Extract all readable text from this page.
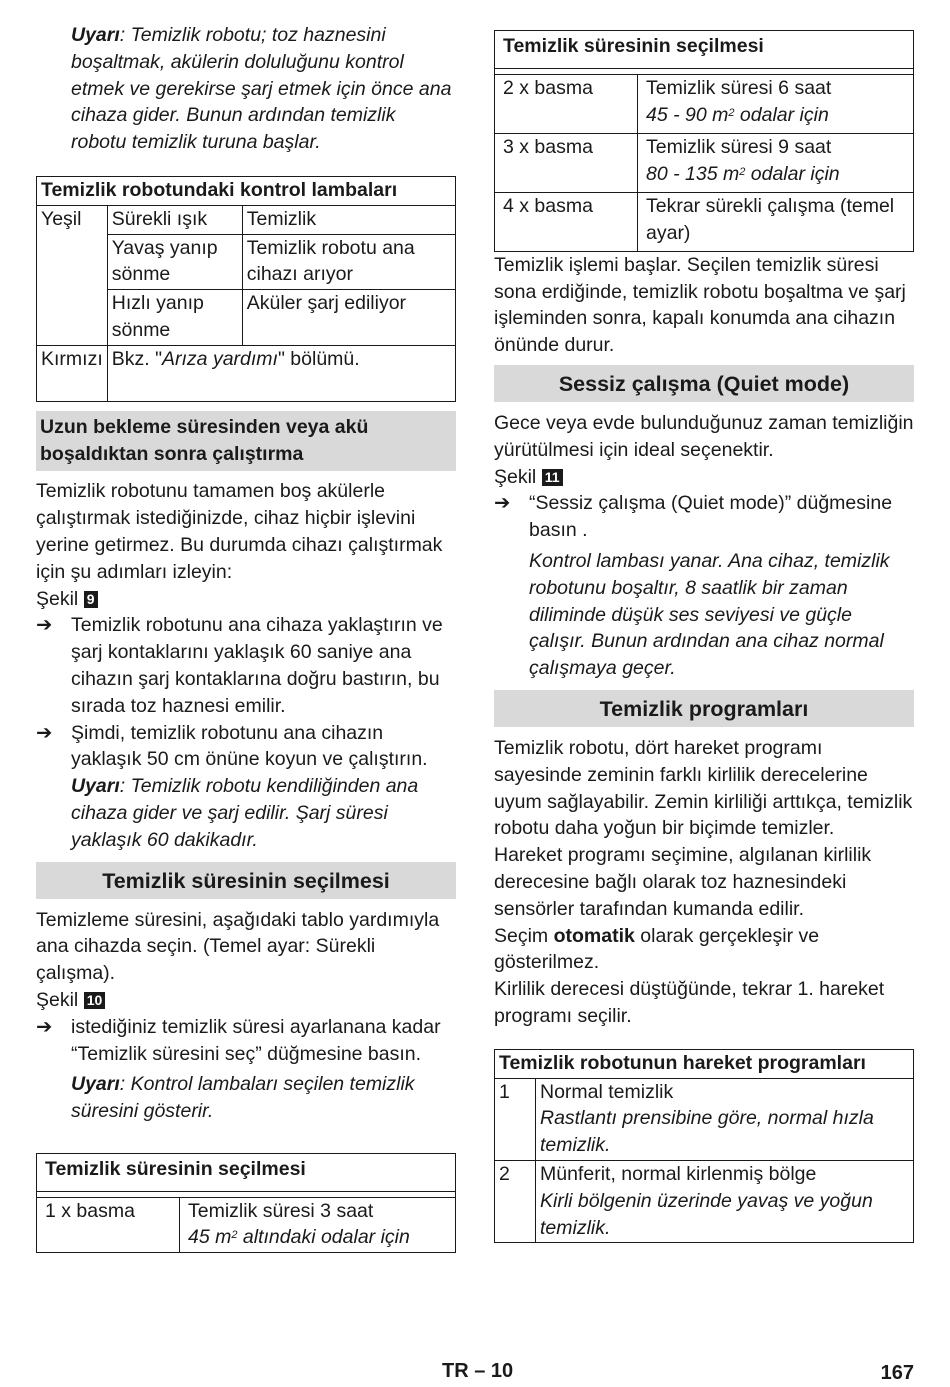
Uyarı: Temizlik robotu; toz haznesini boşaltmak, akülerin doluluğunu kontrol etmek ve gerekirse şarj etmek için önce ana cihaza gider. Bunun ardından temizlik robotu temizlik turuna başlar.

Temizlik robotundaki kontrol lambaları		
Yeşil	Sürekli ışık	Temizlik
	Yavaş yanıp sönme	Temizlik robotu ana cihazı arıyor
	Hızlı yanıp sönme	Aküler şarj ediliyor
Kırmızı	Bkz. "Arıza yardımı" bölümü.	
Uzun bekleme süresinden veya akü boşaldıktan sonra çalıştırma

Temizlik robotunu tamamen boş akülerle çalıştırmak istediğinizde, cihaz hiçbir işlevini yerine getirmez. Bu durumda cihazı çalıştırmak için şu adımları izleyin:

Şekil 9

➔ Temizlik robotunu ana cihaza yaklaştırın ve şarj kontaklarını yaklaşık 60 saniye ana cihazın şarj kontaklarına doğru bastırın, bu sırada toz haznesi emilir.
➔ Şimdi, temizlik robotunu ana cihazın yaklaşık 50 cm önüne koyun ve çalıştırın.

Uyarı: Temizlik robotu kendiliğinden ana cihaza gider ve şarj edilir. Şarj süresi yaklaşık 60 dakikadır.

Temizlik süresinin seçilmesi

Temizleme süresini, aşağıdaki tablo yardımıyla ana cihazda seçin. (Temel ayar: Sürekli çalışma).

Şekil 10

➔ istediğiniz temizlik süresi ayarlanana kadar “Temizlik süresini seç” düğmesine basın.

Uyarı: Kontrol lambaları seçilen temizlik süresini gösterir.

Temizlik süresinin seçilmesi

1 x basma	Temizlik süresi 3 saat
45 $m^2$ altındaki odalar için
Temizlik süresinin seçilmesi	

2 x basma	Temizlik süresi 6 saat
45 - 90 $m^2$ odalar için
3 x basma	Temizlik süresi 9 saat
80 - 135 $m^2$ odalar için
4 x basma	Tekrar sürekli çalışma (temel ayar)

Temizlik işlemi başlar. Seçilen temizlik süresi sona erdiğinde, temizlik robotu boşaltma ve şarj işleminden sonra, kapalı konumda ana cihazın önünde durur.

Sessiz çalışma (Quiet mode)

Gece veya evde bulunduğunuz zaman temizliğin yürütülmesi için ideal seçenektir.

Şekil 11

➔ “Sessiz çalışma (Quiet mode)” düğmesine basın .

Kontrol lambası yanar. Ana cihaz, temizlik robotunu boşaltır, 8 saatlik bir zaman diliminde düşük ses seviyesi ve güçle çalışır. Bunun ardından ana cihaz normal çalışmaya geçer.

Temizlik programları

Temizlik robotu, dört hareket programı sayesinde zeminin farklı kirlilik derecelerine uyum sağlayabilir. Zemin kirliliği arttıkça, temizlik robotu daha yoğun bir biçimde temizler.

Hareket programı seçimine, algılanan kirlilik derecesine bağlı olarak toz haznesindeki sensörler tarafından kumanda edilir.

Seçim otomatik olarak gerçekleşir ve gösterilmez.

Kirlilik derecesi düştüğünde, tekrar 1. hareket programı seçilir.

Temizlik robotunun hareket programları	
1	Normal temizlik
Rastlantı prensibine göre, normal hızla temizlik.
2	Münferit, normal kirlenmiş bölge
Kirli bölgenin üzerinde yavaş ve yoğun temizlik.
TR – 10	167
